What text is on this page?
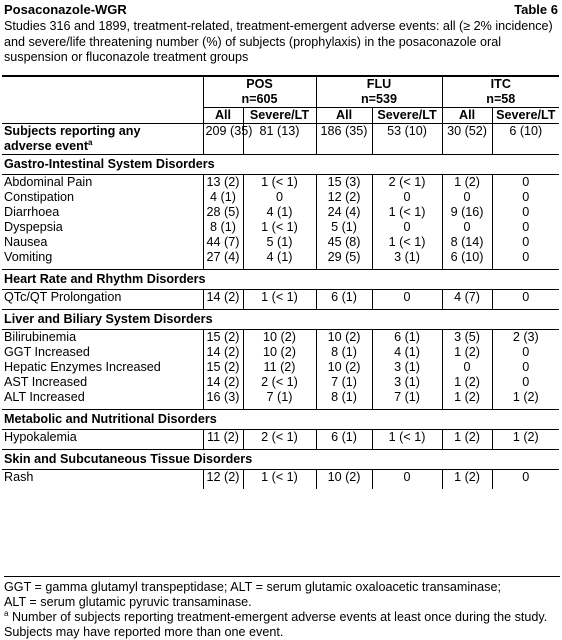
Posaconazole-WGR	Table 6
Studies 316 and 1899, treatment-related, treatment-emergent adverse events: all (≥ 2% incidence) and severe/life threatening number (%) of subjects (prophylaxis) in the posaconazole oral suspension or fluconazole treatment groups
	POS		FLU		ITC	
	n=605		n=539		n=58	
	All	Severe/LT	All	Severe/LT	All	Severe/LT
Subjects reporting any
adverse event$^a$	209 (35)	81 (13)	186 (35)	53 (10)	30 (52)	6 (10)
Gastro-Intestinal System Disorders						
Abdominal Pain	13 (2)	1 (< 1)	15 (3)	2 (< 1)	1 (2)	0
Constipation	4 (1)	0	12 (2)	0	0	0
Diarrhoea	28 (5)	4 (1)	24 (4)	1 (< 1)	9 (16)	0
Dyspepsia	8 (1)	1 (< 1)	5 (1)	0	0	0
Nausea	44 (7)	5 (1)	45 (8)	1 (< 1)	8 (14)	0
Vomiting	27 (4)	4 (1)	29 (5)	3 (1)	6 (10)	0

Heart Rate and Rhythm Disorders						
QTc/QT Prolongation	14 (2)	1 (< 1)	6 (1)	0	4 (7)	0

Liver and Biliary System Disorders						
Bilirubinemia	15 (2)	10 (2)	10 (2)	6 (1)	3 (5)	2 (3)
GGT Increased	14 (2)	10 (2)	8 (1)	4 (1)	1 (2)	0
Hepatic Enzymes Increased	15 (2)	11 (2)	10 (2)	3 (1)	0	0
AST Increased	14 (2)	2 (< 1)	7 (1)	3 (1)	1 (2)	0
ALT Increased	16 (3)	7 (1)	8 (1)	7 (1)	1 (2)	1 (2)

Metabolic and Nutritional Disorders						
Hypokalemia	11 (2)	2 (< 1)	6 (1)	1 (< 1)	1 (2)	1 (2)

Skin and Subcutaneous Tissue Disorders						
Rash	12 (2)	1 (< 1)	10 (2)	0	1 (2)	0

GGT = gamma glutamyl transpeptidase; ALT = serum glutamic oxaloacetic transaminase;
ALT = serum glutamic pyruvic transaminase.
$^a$ Number of subjects reporting treatment-emergent adverse events at least once during the study. Subjects may have reported more than one event.
